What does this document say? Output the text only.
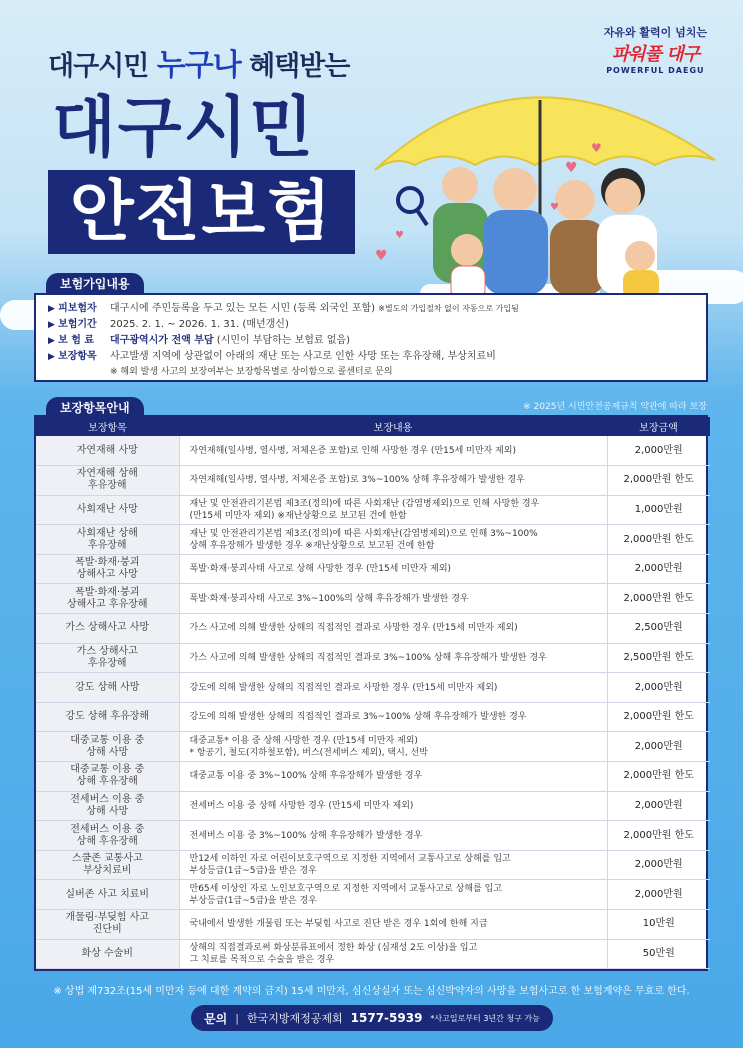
대구시민 누구나 혜택받는
대구시민
안전보험
자유와 활력이 넘치는
파워풀 대구
POWERFUL DAEGU
♥
♥
♥
♥
♥
보험가입내용
▶ 피보험자	대구시에 주민등록을 두고 있는 모든 시민 (등록 외국인 포함) ※별도의 가입절차 없이 자동으로 가입됨
▶ 보험기간	2025. 2. 1. ~ 2026. 1. 31. (매년갱신)
▶ 보 험 료	대구광역시가 전액 부담 (시민이 부담하는 보험료 없음)
▶ 보장항목	사고발생 지역에 상관없이 아래의 재난 또는 사고로 인한 사망 또는 후유장해, 부상치료비
※ 해외 발생 사고의 보장여부는 보장항목별로 상이함으로 콜센터로 문의
보장항목안내	※ 2025년 시민안전공제규칙 약관에 따라 보장
보장항목	보장내용	보장금액
자연재해 사망	자연재해(일사병, 열사병, 저체온증 포함)로 인해 사망한 경우 (만15세 미만자 제외)	2,000만원
자연재해 상해
후유장해	자연재해(일사병, 열사병, 저체온증 포함)로 3%~100% 상해 후유장해가 발생한 경우	2,000만원 한도
사회재난 사망	재난 및 안전관리기본법 제3조(정의)에 따른 사회재난 (감염병제외)으로 인해 사망한 경우
(만15세 미만자 제외) ※재난상황으로 보고된 건에 한함	1,000만원
사회재난 상해
후유장해	재난 및 안전관리기본법 제3조(정의)에 따른 사회재난(감염병제외)으로 인해 3%~100%
상해 후유장해가 발생한 경우 ※재난상황으로 보고된 건에 한함	2,000만원 한도
폭발·화재·붕괴
상해사고 사망	폭발·화재·붕괴사태 사고로 상해 사망한 경우 (만15세 미만자 제외)	2,000만원
폭발·화재·붕괴
상해사고 후유장해	폭발·화재·붕괴사태 사고로 3%~100%의 상해 후유장해가 발생한 경우	2,000만원 한도
가스 상해사고 사망	가스 사고에 의해 발생한 상해의 직접적인 결과로 사망한 경우 (만15세 미만자 제외)	2,500만원
가스 상해사고
후유장해	가스 사고에 의해 발생한 상해의 직접적인 결과로 3%~100% 상해 후유장해가 발생한 경우	2,500만원 한도
강도 상해 사망	강도에 의해 발생한 상해의 직접적인 결과로 사망한 경우 (만15세 미만자 제외)	2,000만원
강도 상해 후유장해	강도에 의해 발생한 상해의 직접적인 결과로 3%~100% 상해 후유장해가 발생한 경우	2,000만원 한도
대중교통 이용 중
상해 사망	대중교통* 이용 중 상해 사망한 경우 (만15세 미만자 제외)
* 항공기, 철도(지하철포함), 버스(전세버스 제외), 택시, 선박	2,000만원
대중교통 이용 중
상해 후유장해	대중교통 이용 중 3%~100% 상해 후유장해가 발생한 경우	2,000만원 한도
전세버스 이용 중
상해 사망	전세버스 이용 중 상해 사망한 경우 (만15세 미만자 제외)	2,000만원
전세버스 이용 중
상해 후유장해	전세버스 이용 중 3%~100% 상해 후유장해가 발생한 경우	2,000만원 한도
스쿨존 교통사고
부상치료비	만12세 이하인 자로 어린이보호구역으로 지정한 지역에서 교통사고로 상해를 입고
부상등급(1급~5급)을 받은 경우	2,000만원
실버존 사고 치료비	만65세 이상인 자로 노인보호구역으로 지정한 지역에서 교통사고로 상해를 입고
부상등급(1급~5급)을 받은 경우	2,000만원
개물림·부딪힘 사고
진단비	국내에서 발생한 개물림 또는 부딪힘 사고로 진단 받은 경우 1회에 한해 지급	10만원
화상 수술비	상해의 직접결과로써 화상분류표에서 정한 화상 (심재성 2도 이상)을 입고
그 치료를 목적으로 수술을 받은 경우	50만원
※ 상법 제732조(15세 미만자 등에 대한 계약의 금지) 15세 미만자, 심신상실자 또는 심신박약자의 사망을 보험사고로 한 보험계약은 무효로 한다.
문의 | 한국지방재정공제회 1577-5939 *사고일로부터 3년간 청구 가능
